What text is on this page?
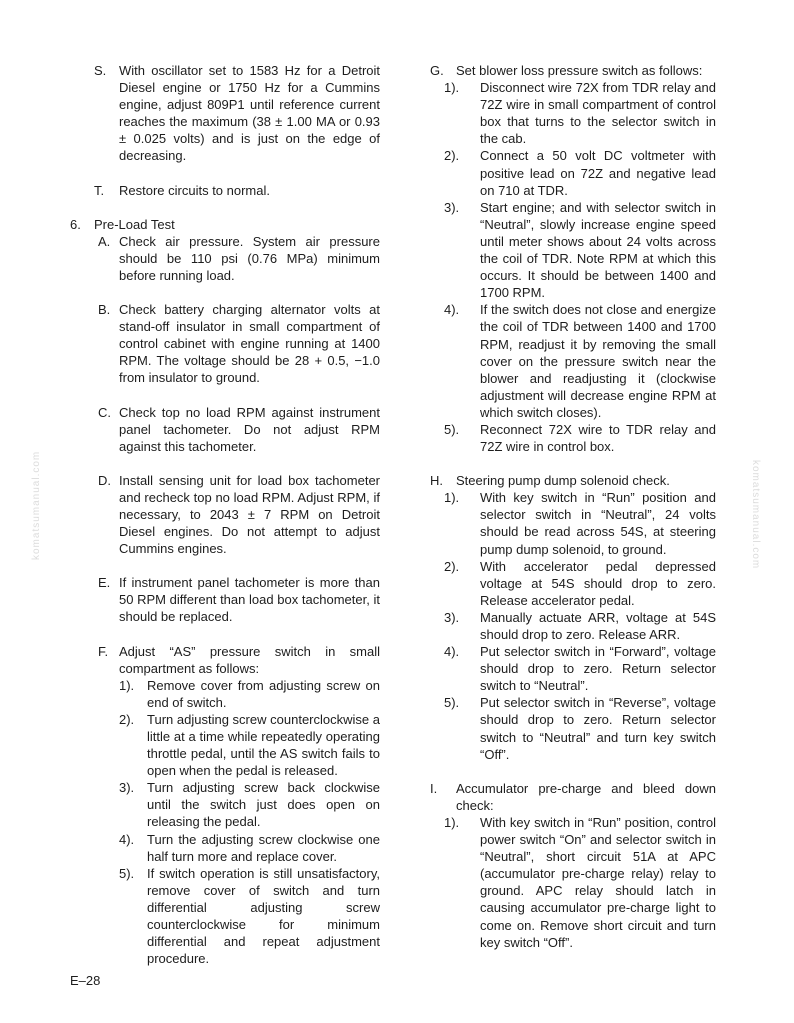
komatsumanual.com	komatsumanual.com
S. With oscillator set to 1583 Hz for a Detroit Diesel engine or 1750 Hz for a Cummins engine, adjust 809P1 until reference current reaches the maximum (38 ± 1.00 MA or 0.93 ± 0.025 volts) and is just on the edge of decreasing.
T.	Restore circuits to normal.
6.	Pre-Load Test
A. Check air pressure. System air pressure should be 110 psi (0.76 MPa) minimum before running load.
B. Check battery charging alternator volts at stand-off insulator in small compartment of control cabinet with engine running at 1400 RPM. The voltage should be 28 + 0.5, −1.0 from insulator to ground.
C. Check top no load RPM against instrument panel tachometer. Do not adjust RPM against this tachometer.
D. Install sensing unit for load box tachometer and recheck top no load RPM. Adjust RPM, if necessary, to 2043 ± 7 RPM on Detroit Diesel engines. Do not attempt to adjust Cummins engines.
E. If instrument panel tachometer is more than 50 RPM different than load box tachometer, it should be replaced.
F. Adjust “AS” pressure switch in small compartment as follows:
1). Remove cover from adjusting screw on end of switch.
2). Turn adjusting screw counterclockwise a little at a time while repeatedly operating throttle pedal, until the AS switch fails to open when the pedal is released.
3). Turn adjusting screw back clockwise until the switch just does open on releasing the pedal.
4). Turn the adjusting screw clockwise one half turn more and replace cover.
5). If switch operation is still unsatisfactory, remove cover of switch and turn differential adjusting screw counterclockwise for minimum differential and repeat adjustment procedure.
G. Set blower loss pressure switch as follows:
1).	Disconnect wire 72X from TDR relay and 72Z wire in small compartment of control box that turns to the selector switch in the cab.
2).	Connect a 50 volt DC voltmeter with positive lead on 72Z and negative lead on 710 at TDR.
3).	Start engine; and with selector switch in “Neutral”, slowly increase engine speed until meter shows about 24 volts across the coil of TDR. Note RPM at which this occurs. It should be between 1400 and 1700 RPM.
4).	If the switch does not close and energize the coil of TDR between 1400 and 1700 RPM, readjust it by removing the small cover on the pressure switch near the blower and readjusting it (clockwise adjustment will decrease engine RPM at which switch closes).
5).	Reconnect 72X wire to TDR relay and 72Z wire in control box.
H.	Steering pump dump solenoid check.
1).	With key switch in “Run” position and selector switch in “Neutral”, 24 volts should be read across 54S, at steering pump dump solenoid, to ground.
2).	With accelerator pedal depressed voltage at 54S should drop to zero. Release accelerator pedal.
3).	Manually actuate ARR, voltage at 54S should drop to zero. Release ARR.
4).	Put selector switch in “Forward”, voltage should drop to zero. Return selector switch to “Neutral”.
5).	Put selector switch in “Reverse”, voltage should drop to zero. Return selector switch to “Neutral” and turn key switch “Off”.
I.	Accumulator pre-charge and bleed down check:
1).	With key switch in “Run” position, control power switch “On” and selector switch in “Neutral”, short circuit 51A at APC (accumulator pre-charge relay) relay to ground. APC relay should latch in causing accumulator pre-charge light to come on. Remove short circuit and turn key switch “Off”.
E–28
